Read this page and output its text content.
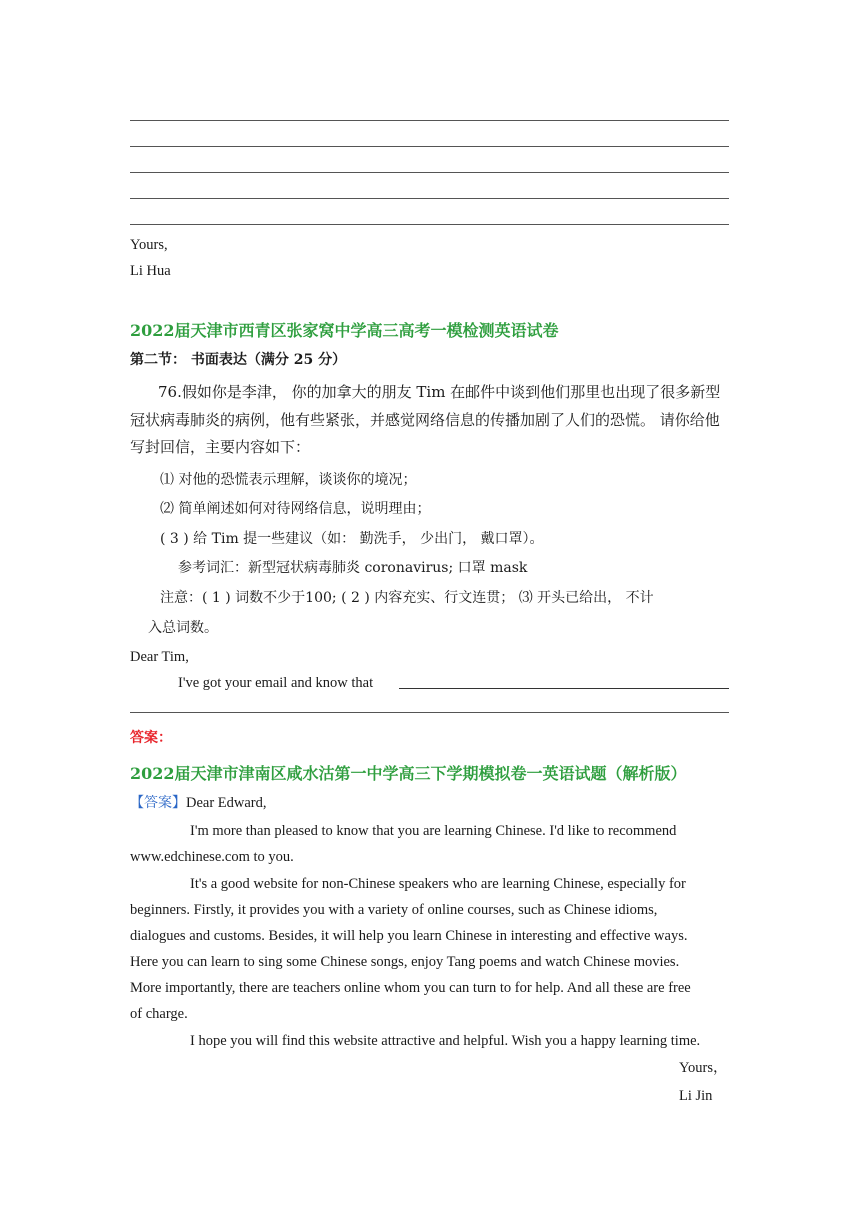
Yours,
Li Hua
2022届天津市西青区张家窝中学高三高考一模检测英语试卷
第二节： 书面表达（满分 25 分）
76.假如你是李津， 你的加拿大的朋友 Tim 在邮件中谈到他们那里也出现了很多新型
冠状病毒肺炎的病例，他有些紧张，并感觉网络信息的传播加剧了人们的恐慌。 请你给他
写封回信，主要内容如下：
⑴ 对他的恐慌表示理解，谈谈你的境况；
⑵ 简单阐述如何对待网络信息，说明理由；
( 3 ) 给 Tim 提一些建议（如： 勤洗手， 少出门， 戴口罩）。
参考词汇：新型冠状病毒肺炎 coronavirus; 口罩 mask
注意：( 1 ) 词数不少于100; ( 2 ) 内容充实、行文连贯； ⑶ 开头已给出， 不计
入总词数。
Dear Tim,
I've got your email and know that
答案：
2022届天津市津南区咸水沽第一中学高三下学期模拟卷一英语试题（解析版）
【答案】Dear Edward,
I'm more than pleased to know that you are learning Chinese. I'd like to recommend
www.edchinese.com to you.
It's a good website for non-Chinese speakers who are learning Chinese, especially for
beginners. Firstly, it provides you with a variety of online courses, such as Chinese idioms,
dialogues and customs. Besides, it will help you learn Chinese in interesting and effective ways.
Here you can learn to sing some Chinese songs, enjoy Tang poems and watch Chinese movies.
More importantly, there are teachers online whom you can turn to for help. And all these are free
of charge.
I hope you will find this website attractive and helpful. Wish you a happy learning time.
Yours，
Li Jin
